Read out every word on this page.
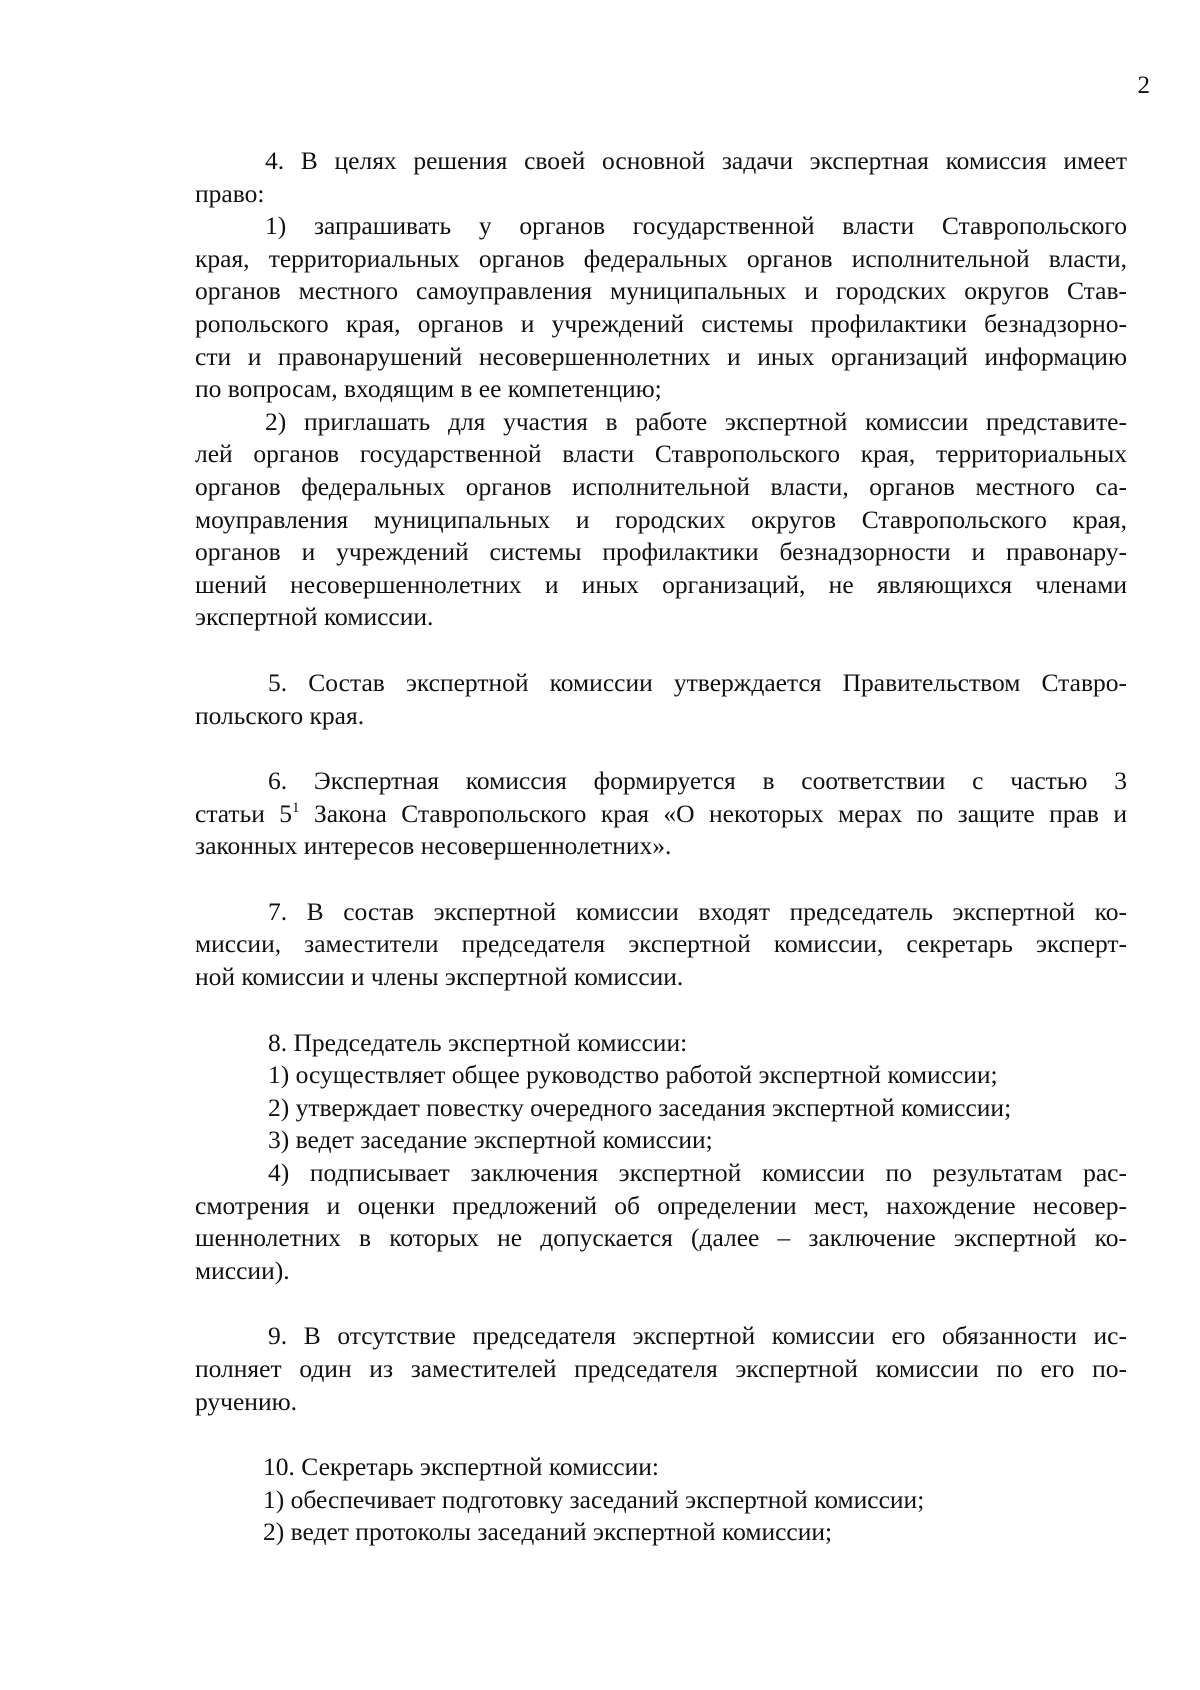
2
4. В целях решения своей основной задачи экспертная комиссия имеет
право:
1) запрашивать у органов государственной власти Ставропольского
края, территориальных органов федеральных органов исполнительной власти,
органов местного самоуправления муниципальных и городских округов Став-
ропольского края, органов и учреждений системы профилактики безнадзорно-
сти и правонарушений несовершеннолетних и иных организаций информацию
по вопросам, входящим в ее компетенцию;
2) приглашать для участия в работе экспертной комиссии представите-
лей органов государственной власти Ставропольского края, территориальных
органов федеральных органов исполнительной власти, органов местного са-
моуправления муниципальных и городских округов Ставропольского края,
органов и учреждений системы профилактики безнадзорности и правонару-
шений несовершеннолетних и иных организаций, не являющихся членами
экспертной комиссии.
5. Состав экспертной комиссии утверждается Правительством Ставро-
польского края.
6. Экспертная комиссия формируется в соответствии с частью 3
статьи $5^1$ Закона Ставропольского края «О некоторых мерах по защите прав и
законных интересов несовершеннолетних».
7. В состав экспертной комиссии входят председатель экспертной ко-
миссии, заместители председателя экспертной комиссии, секретарь эксперт-
ной комиссии и члены экспертной комиссии.
8. Председатель экспертной комиссии:
1) осуществляет общее руководство работой экспертной комиссии;
2) утверждает повестку очередного заседания экспертной комиссии;
3) ведет заседание экспертной комиссии;
4) подписывает заключения экспертной комиссии по результатам рас-
смотрения и оценки предложений об определении мест, нахождение несовер-
шеннолетних в которых не допускается (далее – заключение экспертной ко-
миссии).
9. В отсутствие председателя экспертной комиссии его обязанности ис-
полняет один из заместителей председателя экспертной комиссии по его по-
ручению.
10. Секретарь экспертной комиссии:
1) обеспечивает подготовку заседаний экспертной комиссии;
2) ведет протоколы заседаний экспертной комиссии;
